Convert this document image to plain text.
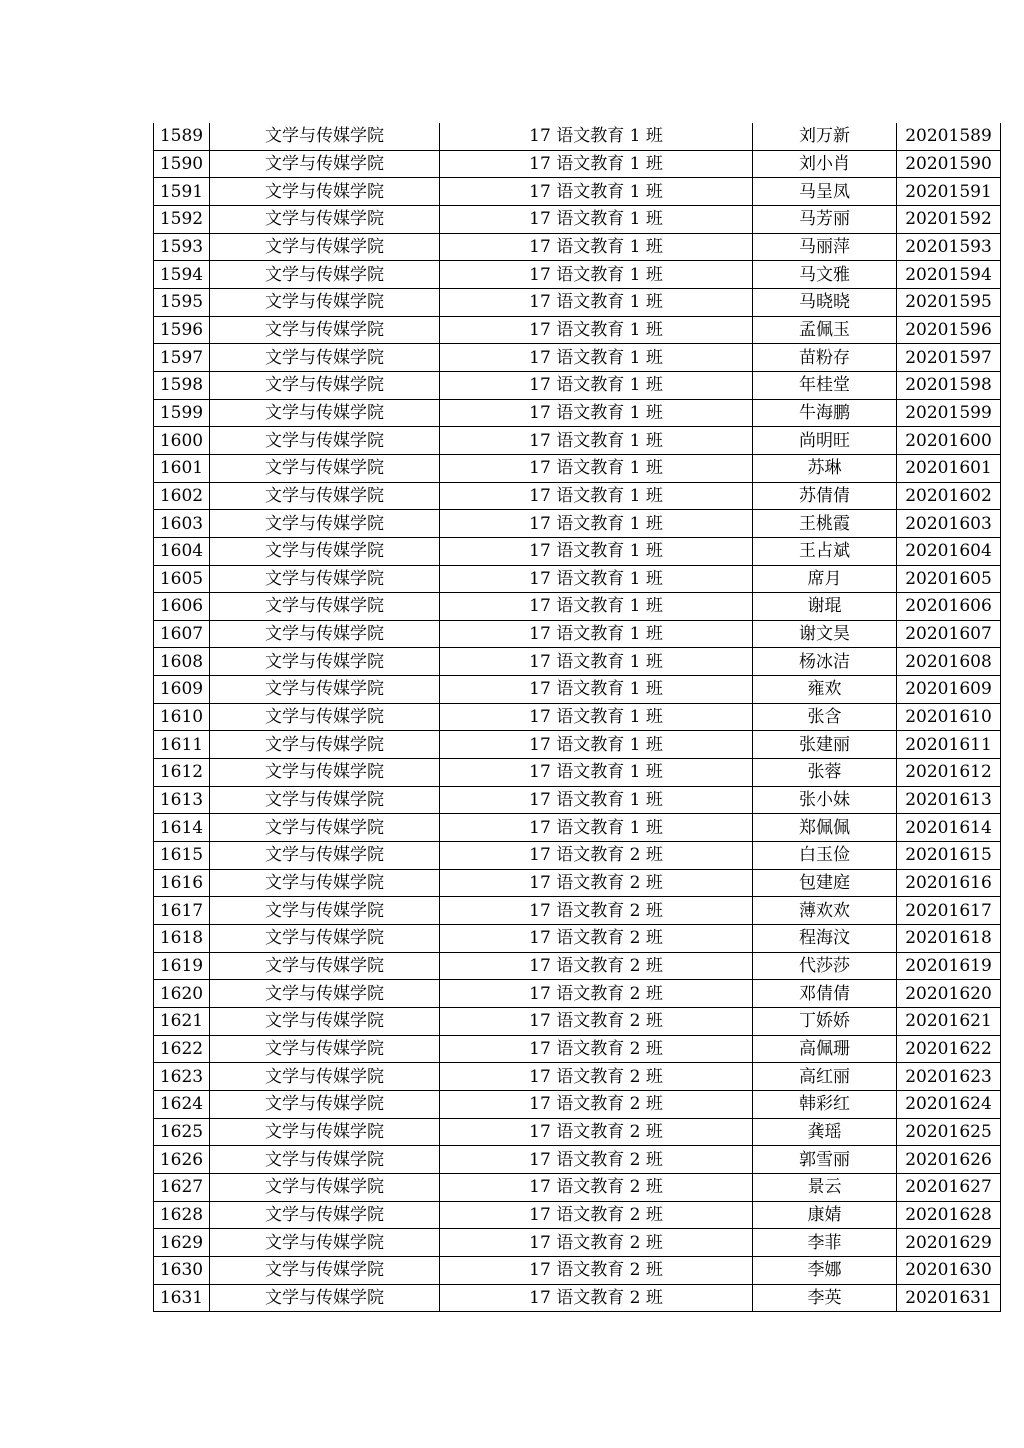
1589	文学与传媒学院	17 语文教育 1 班	刘万新	20201589
1590	文学与传媒学院	17 语文教育 1 班	刘小肖	20201590
1591	文学与传媒学院	17 语文教育 1 班	马呈凤	20201591
1592	文学与传媒学院	17 语文教育 1 班	马芳丽	20201592
1593	文学与传媒学院	17 语文教育 1 班	马丽萍	20201593
1594	文学与传媒学院	17 语文教育 1 班	马文雅	20201594
1595	文学与传媒学院	17 语文教育 1 班	马晓晓	20201595
1596	文学与传媒学院	17 语文教育 1 班	孟佩玉	20201596
1597	文学与传媒学院	17 语文教育 1 班	苗粉存	20201597
1598	文学与传媒学院	17 语文教育 1 班	年桂堂	20201598
1599	文学与传媒学院	17 语文教育 1 班	牛海鹏	20201599
1600	文学与传媒学院	17 语文教育 1 班	尚明旺	20201600
1601	文学与传媒学院	17 语文教育 1 班	苏琳	20201601
1602	文学与传媒学院	17 语文教育 1 班	苏倩倩	20201602
1603	文学与传媒学院	17 语文教育 1 班	王桃霞	20201603
1604	文学与传媒学院	17 语文教育 1 班	王占斌	20201604
1605	文学与传媒学院	17 语文教育 1 班	席月	20201605
1606	文学与传媒学院	17 语文教育 1 班	谢琨	20201606
1607	文学与传媒学院	17 语文教育 1 班	谢文昊	20201607
1608	文学与传媒学院	17 语文教育 1 班	杨冰洁	20201608
1609	文学与传媒学院	17 语文教育 1 班	雍欢	20201609
1610	文学与传媒学院	17 语文教育 1 班	张含	20201610
1611	文学与传媒学院	17 语文教育 1 班	张建丽	20201611
1612	文学与传媒学院	17 语文教育 1 班	张蓉	20201612
1613	文学与传媒学院	17 语文教育 1 班	张小妹	20201613
1614	文学与传媒学院	17 语文教育 1 班	郑佩佩	20201614
1615	文学与传媒学院	17 语文教育 2 班	白玉俭	20201615
1616	文学与传媒学院	17 语文教育 2 班	包建庭	20201616
1617	文学与传媒学院	17 语文教育 2 班	薄欢欢	20201617
1618	文学与传媒学院	17 语文教育 2 班	程海汶	20201618
1619	文学与传媒学院	17 语文教育 2 班	代莎莎	20201619
1620	文学与传媒学院	17 语文教育 2 班	邓倩倩	20201620
1621	文学与传媒学院	17 语文教育 2 班	丁娇娇	20201621
1622	文学与传媒学院	17 语文教育 2 班	高佩珊	20201622
1623	文学与传媒学院	17 语文教育 2 班	高红丽	20201623
1624	文学与传媒学院	17 语文教育 2 班	韩彩红	20201624
1625	文学与传媒学院	17 语文教育 2 班	龚瑶	20201625
1626	文学与传媒学院	17 语文教育 2 班	郭雪丽	20201626
1627	文学与传媒学院	17 语文教育 2 班	景云	20201627
1628	文学与传媒学院	17 语文教育 2 班	康婧	20201628
1629	文学与传媒学院	17 语文教育 2 班	李菲	20201629
1630	文学与传媒学院	17 语文教育 2 班	李娜	20201630
1631	文学与传媒学院	17 语文教育 2 班	李英	20201631
